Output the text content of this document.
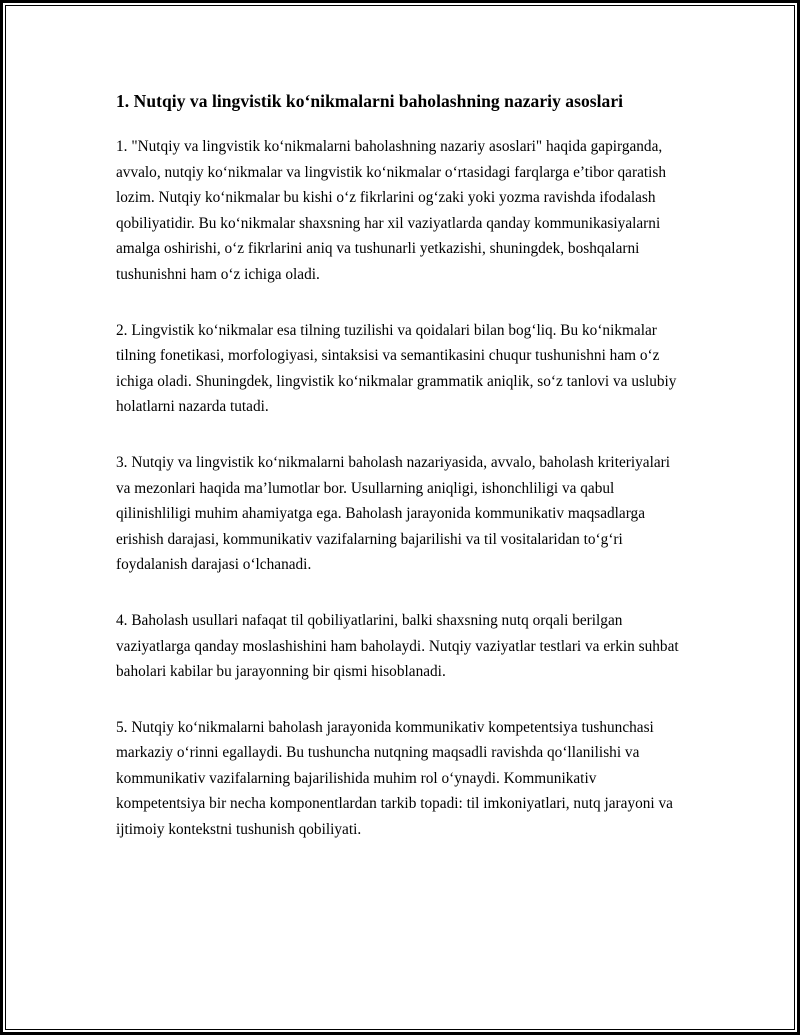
1. Nutqiy va lingvistik ko‘nikmalarni baholashning nazariy asoslari

1. "Nutqiy va lingvistik ko‘nikmalarni baholashning nazariy asoslari" haqida gapirganda, avvalo, nutqiy ko‘nikmalar va lingvistik ko‘nikmalar o‘rtasidagi farqlarga e’tibor qaratish lozim. Nutqiy ko‘nikmalar bu kishi o‘z fikrlarini og‘zaki yoki yozma ravishda ifodalash qobiliyatidir. Bu ko‘nikmalar shaxsning har xil vaziyatlarda qanday kommunikasiyalarni amalga oshirishi, o‘z fikrlarini aniq va tushunarli yetkazishi, shuningdek, boshqalarni tushunishni ham o‘z ichiga oladi.

2. Lingvistik ko‘nikmalar esa tilning tuzilishi va qoidalari bilan bog‘liq. Bu ko‘nikmalar tilning fonetikasi, morfologiyasi, sintaksisi va semantikasini chuqur tushunishni ham o‘z ichiga oladi. Shuningdek, lingvistik ko‘nikmalar grammatik aniqlik, so‘z tanlovi va uslubiy holatlarni nazarda tutadi.

3. Nutqiy va lingvistik ko‘nikmalarni baholash nazariyasida, avvalo, baholash kriteriyalari va mezonlari haqida ma’lumotlar bor. Usullarning aniqligi, ishonchliligi va qabul qilinishliligi muhim ahamiyatga ega. Baholash jarayonida kommunikativ maqsadlarga erishish darajasi, kommunikativ vazifalarning bajarilishi va til vositalaridan to‘g‘ri foydalanish darajasi o‘lchanadi.

4. Baholash usullari nafaqat til qobiliyatlarini, balki shaxsning nutq orqali berilgan vaziyatlarga qanday moslashishini ham baholaydi. Nutqiy vaziyatlar testlari va erkin suhbat baholari kabilar bu jarayonning bir qismi hisoblanadi.

5. Nutqiy ko‘nikmalarni baholash jarayonida kommunikativ kompetentsiya tushunchasi markaziy o‘rinni egallaydi. Bu tushuncha nutqning maqsadli ravishda qo‘llanilishi va kommunikativ vazifalarning bajarilishida muhim rol o‘ynaydi. Kommunikativ kompetentsiya bir necha komponentlardan tarkib topadi: til imkoniyatlari, nutq jarayoni va ijtimoiy kontekstni tushunish qobiliyati.
